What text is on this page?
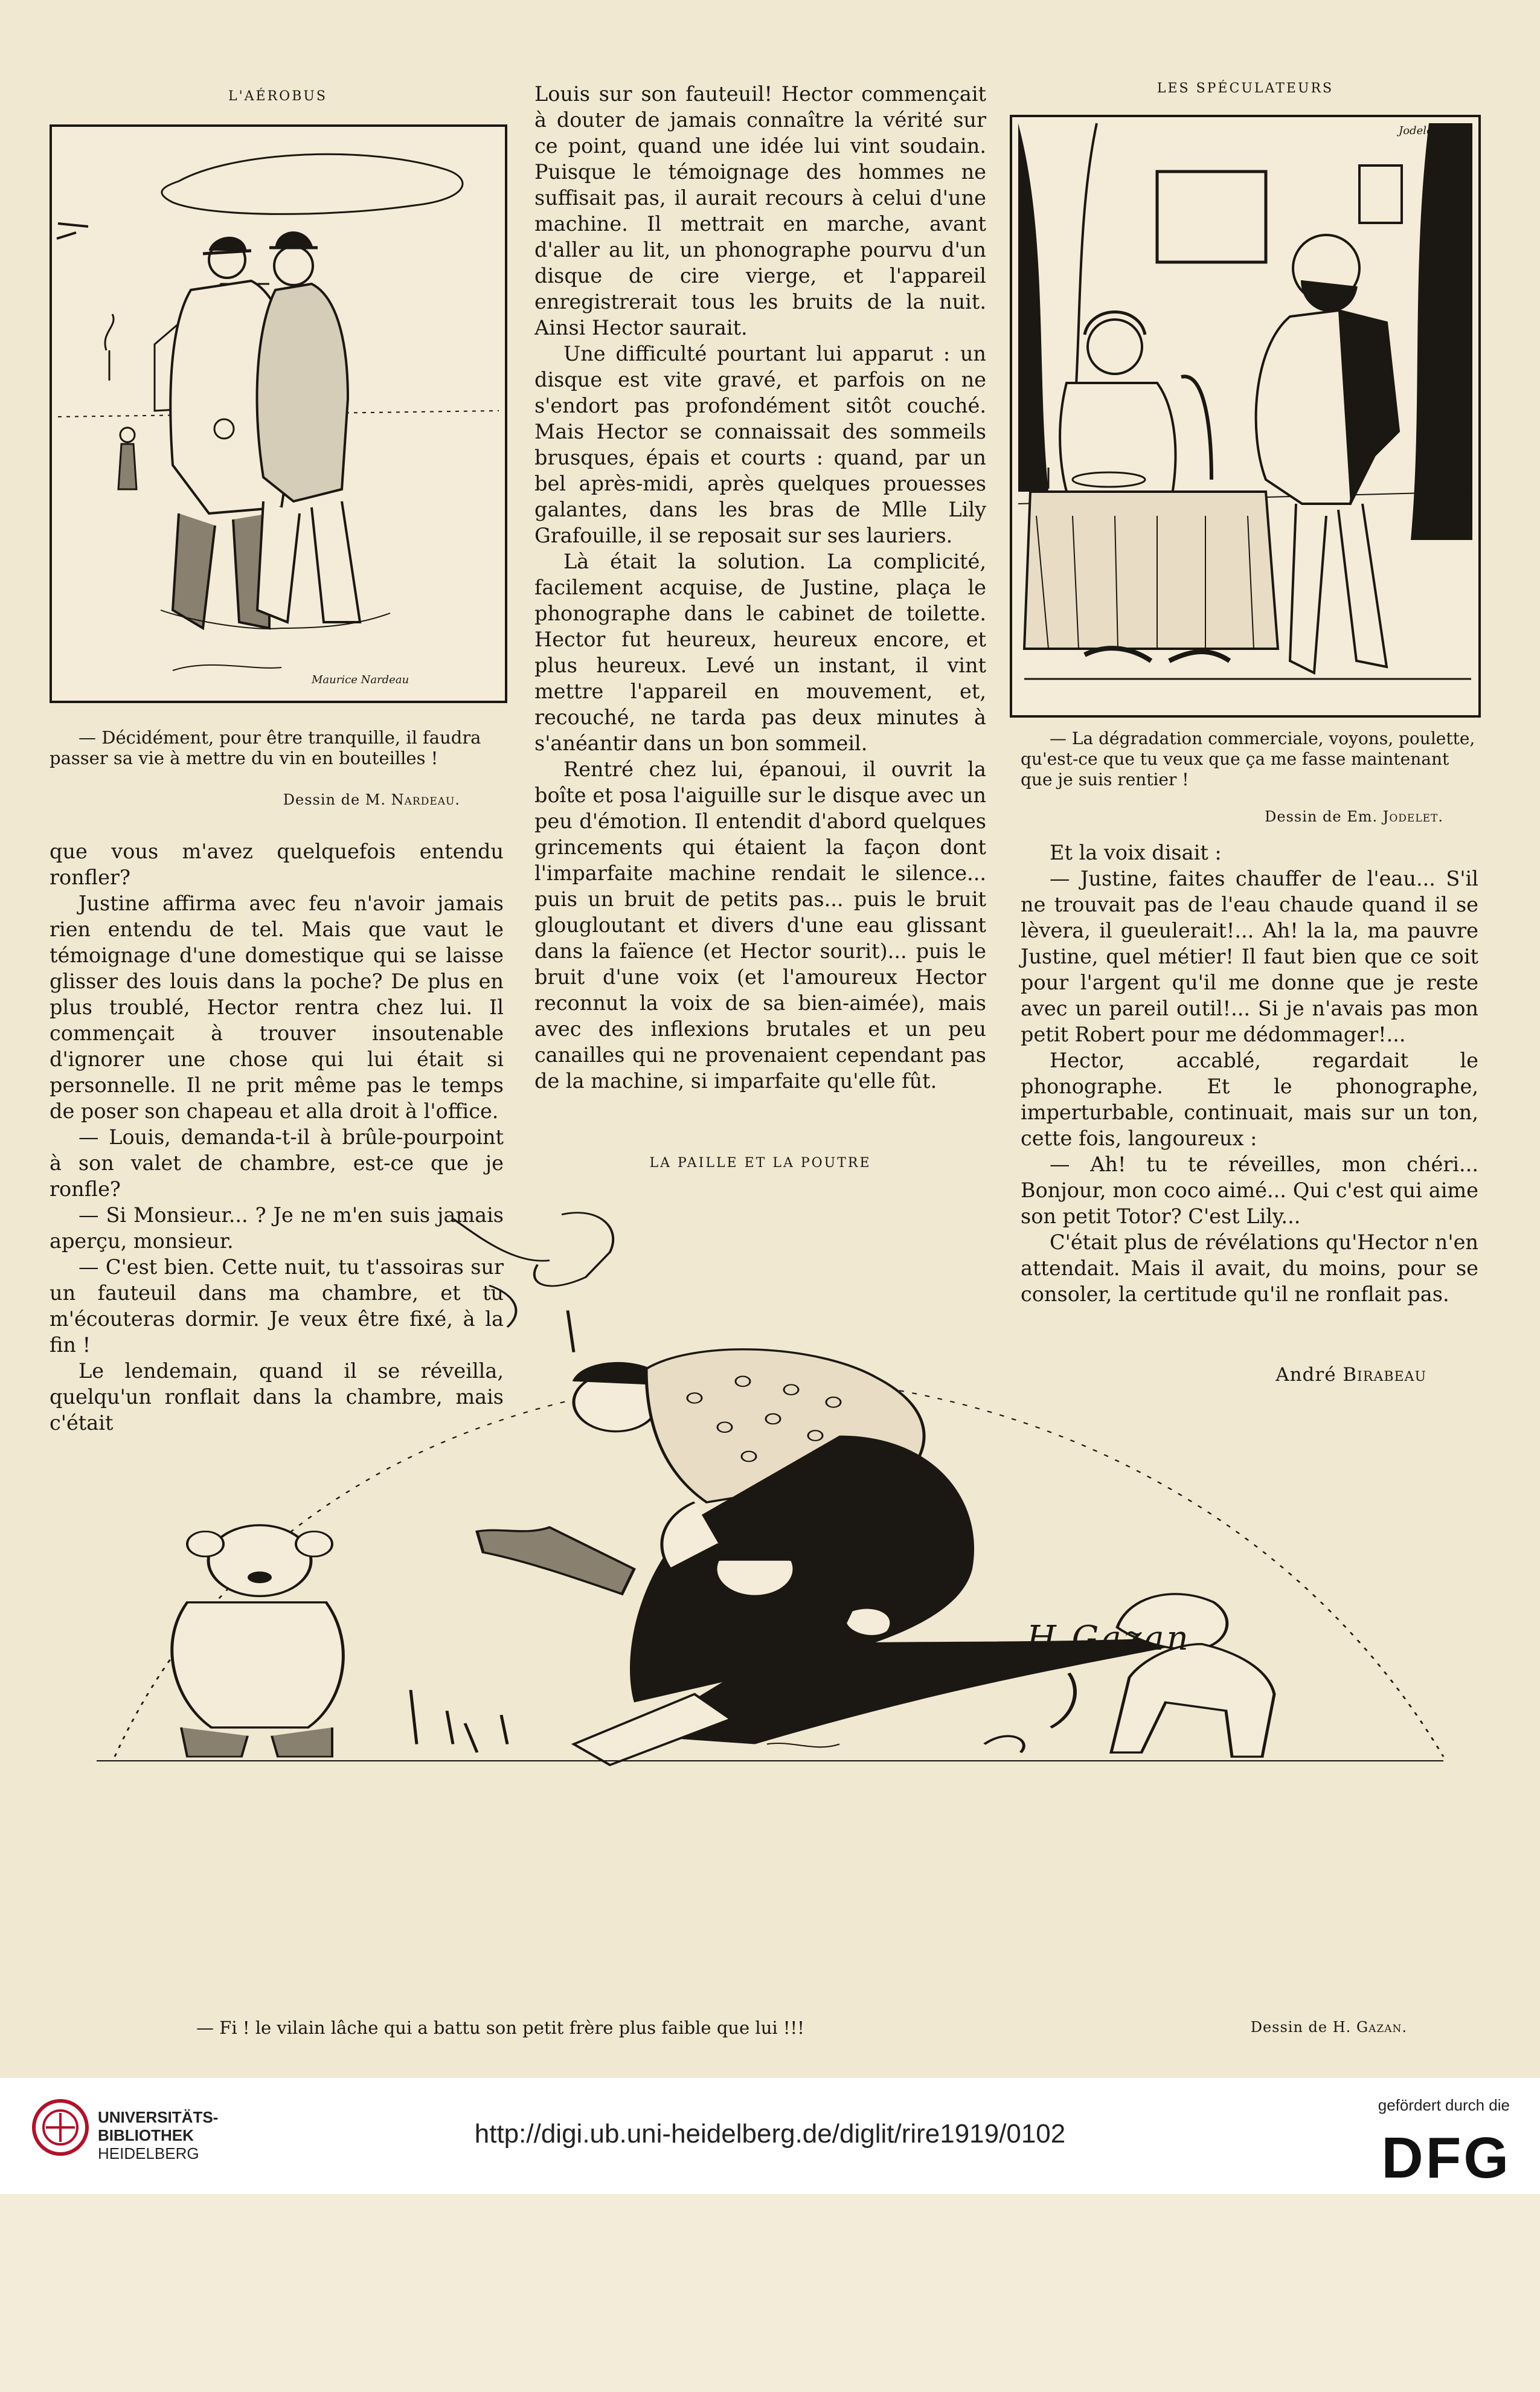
L'AÉROBUS
Maurice Nardeau
— Décidément, pour être tranquille, il faudra passer sa vie à mettre du vin en bouteilles !
Dessin de M. Nardeau.

que vous m'avez quelquefois entendu ronfler?

Justine affirma avec feu n'avoir jamais rien entendu de tel. Mais que vaut le témoignage d'une domestique qui se laisse glisser des louis dans la poche? De plus en plus troublé, Hector rentra chez lui. Il commençait à trouver insoutenable d'ignorer une chose qui lui était si personnelle. Il ne prit même pas le temps de poser son chapeau et alla droit à l'office.

— Louis, demanda-t-il à brûle-pourpoint à son valet de chambre, est-ce que je ronfle?

— Si Monsieur... ? Je ne m'en suis jamais aperçu, monsieur.

— C'est bien. Cette nuit, tu t'assoiras sur un fauteuil dans ma chambre, et tu m'écouteras dormir. Je veux être fixé, à la fin !

Le lendemain, quand il se réveilla, quelqu'un ronflait dans la chambre, mais c'était

Louis sur son fauteuil! Hector commençait à douter de jamais connaître la vérité sur ce point, quand une idée lui vint soudain. Puisque le témoignage des hommes ne suffisait pas, il aurait recours à celui d'une machine. Il mettrait en marche, avant d'aller au lit, un phonographe pourvu d'un disque de cire vierge, et l'appareil enregistrerait tous les bruits de la nuit. Ainsi Hector saurait.

Une difficulté pourtant lui apparut : un disque est vite gravé, et parfois on ne s'endort pas profondément sitôt couché. Mais Hector se connaissait des sommeils brusques, épais et courts : quand, par un bel après-midi, après quelques prouesses galantes, dans les bras de Mlle Lily Grafouille, il se reposait sur ses lauriers.

Là était la solution. La complicité, facilement acquise, de Justine, plaça le phonographe dans le cabinet de toilette. Hector fut heureux, heureux encore, et plus heureux. Levé un instant, il vint mettre l'appareil en mouvement, et, recouché, ne tarda pas deux minutes à s'anéantir dans un bon sommeil.

Rentré chez lui, épanoui, il ouvrit la boîte et posa l'aiguille sur le disque avec un peu d'émotion. Il entendit d'abord quelques grincements qui étaient la façon dont l'imparfaite machine rendait le silence... puis un bruit de petits pas... puis le bruit glougloutant et divers d'une eau glissant dans la faïence (et Hector sourit)... puis le bruit d'une voix (et l'amoureux Hector reconnut la voix de sa bien-aimée), mais avec des inflexions brutales et un peu canailles qui ne provenaient cependant pas de la machine, si imparfaite qu'elle fût.

LA PAILLE ET LA POUTRE
LES SPÉCULATEURS
Jodelet
— La dégradation commerciale, voyons, poulette, qu'est-ce que tu veux que ça me fasse maintenant que je suis rentier !
Dessin de Em. Jodelet.

Et la voix disait :

— Justine, faites chauffer de l'eau... S'il ne trouvait pas de l'eau chaude quand il se lèvera, il gueulerait!... Ah! la la, ma pauvre Justine, quel métier! Il faut bien que ce soit pour l'argent qu'il me donne que je reste avec un pareil outil!... Si je n'avais pas mon petit Robert pour me dédommager!...

Hector, accablé, regardait le phonographe. Et le phonographe, imperturbable, continuait, mais sur un ton, cette fois, langoureux :

— Ah! tu te réveilles, mon chéri... Bonjour, mon coco aimé... Qui c'est qui aime son petit Totor? C'est Lily...

C'était plus de révélations qu'Hector n'en attendait. Mais il avait, du moins, pour se consoler, la certitude qu'il ne ronflait pas.

André Birabeau
H Gazan
— Fi ! le vilain lâche qui a battu son petit frère plus faible que lui !!!	Dessin de H. Gazan.
UNIVERSITÄTS-
BIBLIOTHEK
HEIDELBERG
http://digi.ub.uni-heidelberg.de/diglit/rire1919/0102
gefördert durch die
DFG
